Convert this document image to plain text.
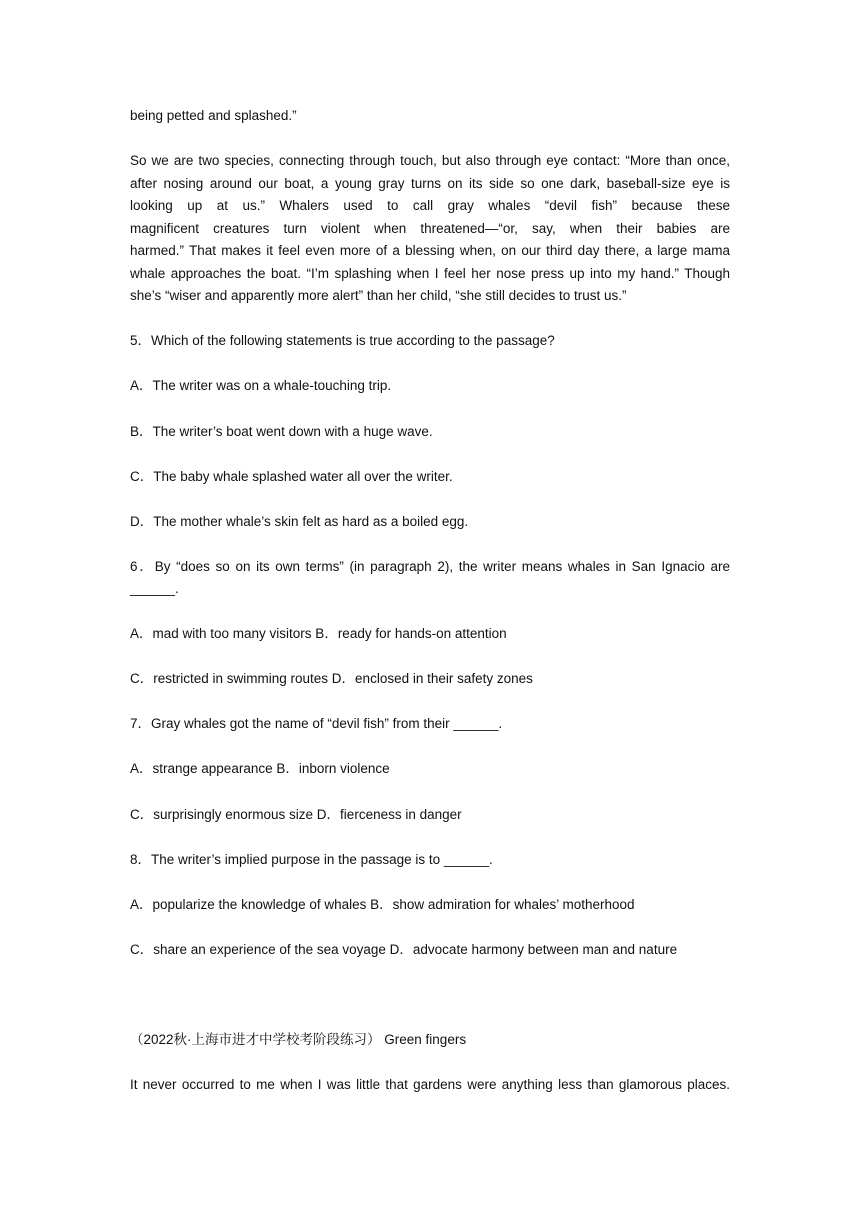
being petted and splashed.”
So we are two species, connecting through touch, but also through eye contact: “More than once,
after nosing around our boat, a young gray turns on its side so one dark, baseball-size eye is
looking up at us.” Whalers used to call gray whales “devil fish” because these
magnificent creatures turn violent when threatened—“or, say, when their babies are
harmed.” That makes it feel even more of a blessing when, on our third day there, a large mama
whale approaches the boat. “I’m splashing when I feel her nose press up into my hand.” Though
she’s “wiser and apparently more alert” than her child, “she still decides to trust us.”
5．Which of the following statements is true according to the passage?
A．The writer was on a whale-touching trip.
B．The writer’s boat went down with a huge wave.
C．The baby whale splashed water all over the writer.
D．The mother whale’s skin felt as hard as a boiled egg.
6．By “does so on its own terms” (in paragraph 2), the writer means whales in San Ignacio are
______.
A．mad with too many visitors B．ready for hands-on attention
C．restricted in swimming routes D．enclosed in their safety zones
7．Gray whales got the name of “devil fish” from their ______.
A．strange appearance B．inborn violence
C．surprisingly enormous size D．fierceness in danger
8．The writer’s implied purpose in the passage is to ______.
A．popularize the knowledge of whales B．show admiration for whales’ motherhood
C．share an experience of the sea voyage D．advocate harmony between man and nature
（2022秋·上海市进才中学校考阶段练习） Green fingers
It never occurred to me when I was little that gardens were anything less than glamorous places.
